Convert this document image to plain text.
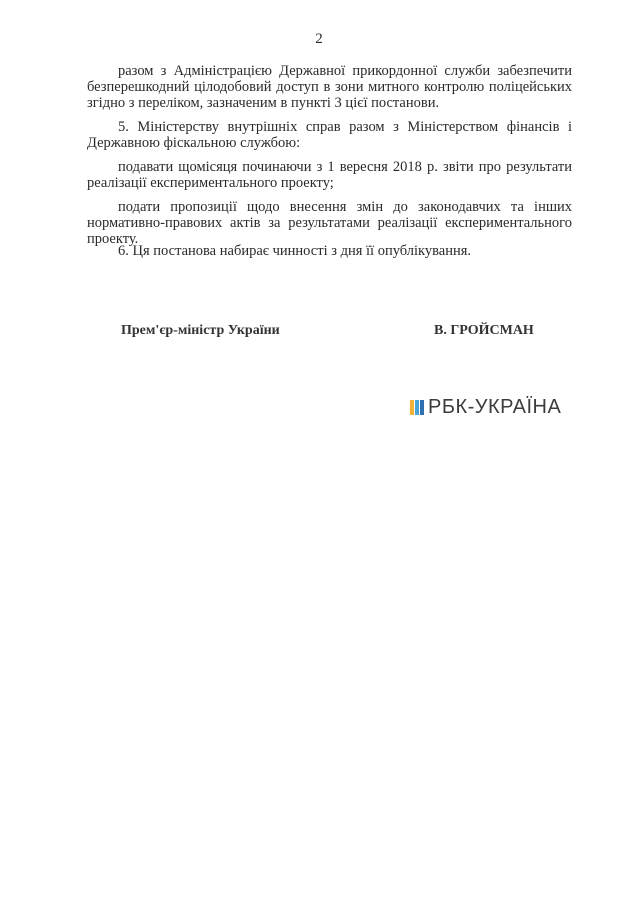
2
разом з Адміністрацією Державної прикордонної служби забезпечити
безперешкодний цілодобовий доступ в зони митного контролю поліцейських
згідно з переліком, зазначеним в пункті 3 цієї постанови.
5. Міністерству внутрішніх справ разом з Міністерством фінансів і
Державною фіскальною службою:
подавати щомісяця починаючи з 1 вересня 2018 р. звіти про результати
реалізації експериментального проекту;
подати пропозиції щодо внесення змін до законодавчих та інших
нормативно-правових актів за результатами реалізації експериментального
проекту.
6. Ця постанова набирає чинності з дня її опублікування.
Прем'єр-міністр України	В. ГРОЙСМАН
РБК-УКРАЇНА
